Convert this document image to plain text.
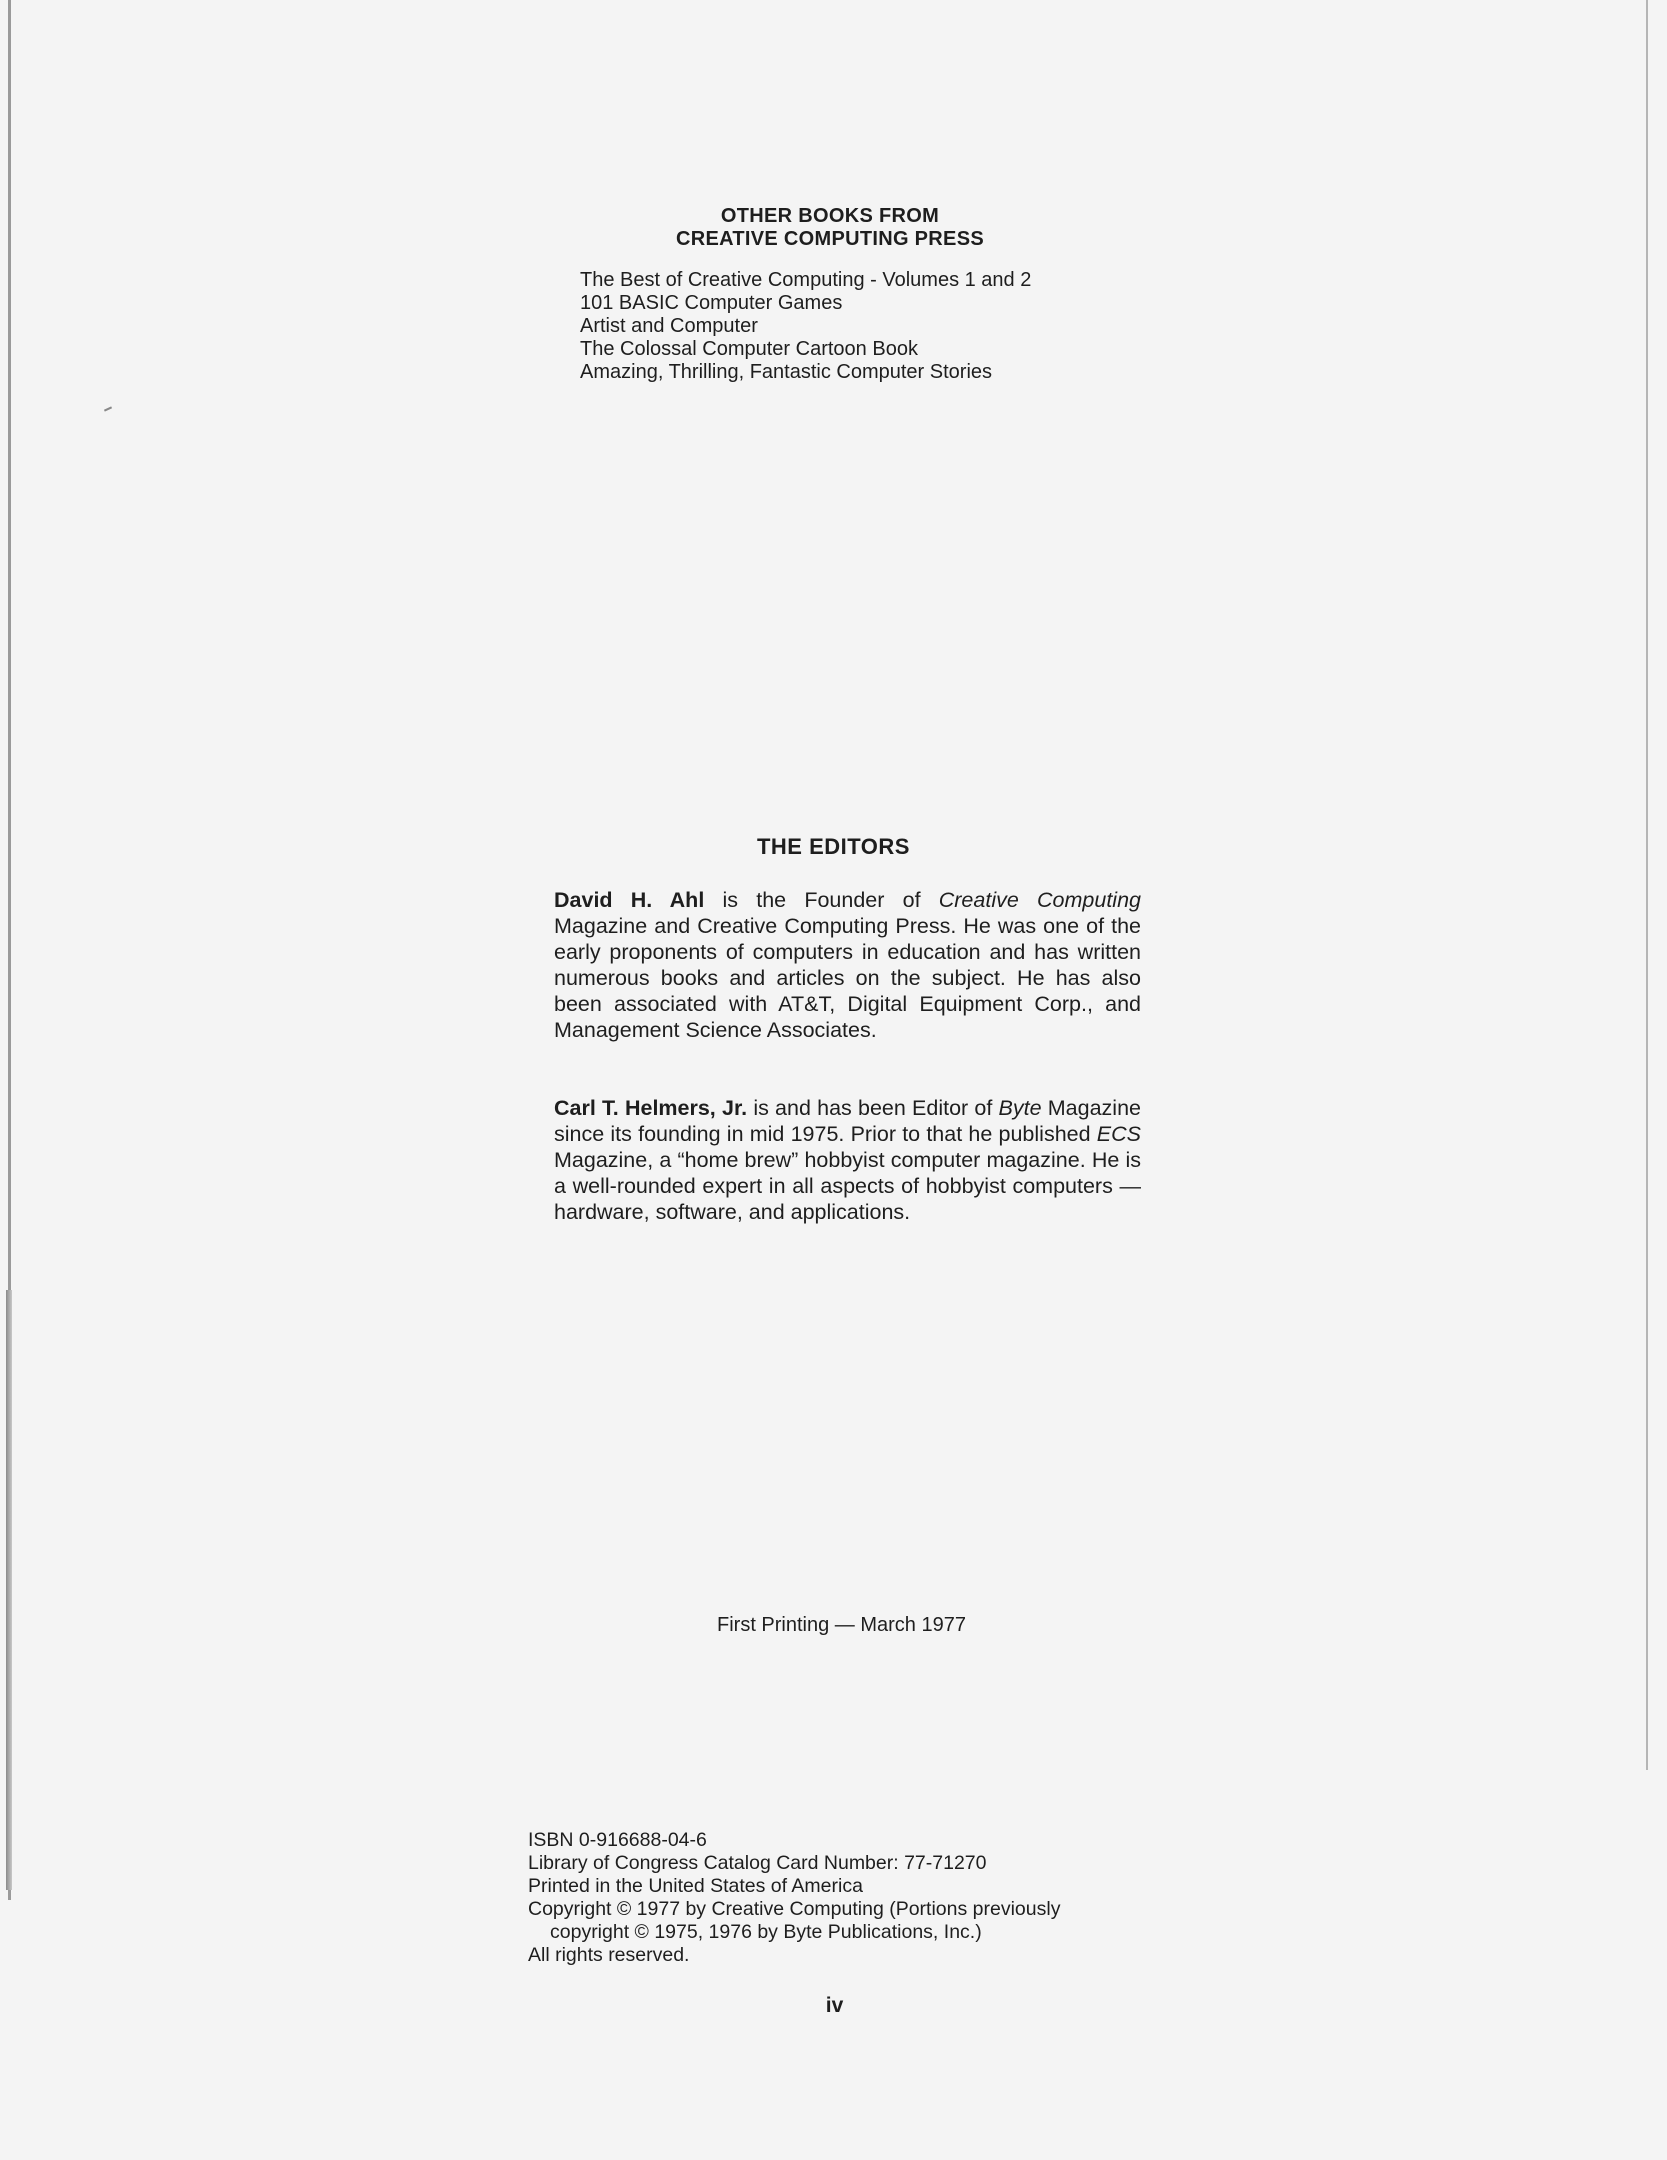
OTHER BOOKS FROM
CREATIVE COMPUTING PRESS
The Best of Creative Computing - Volumes 1 and 2
101 BASIC Computer Games
Artist and Computer
The Colossal Computer Cartoon Book
Amazing, Thrilling, Fantastic Computer Stories
THE EDITORS

David H. Ahl is the Founder of Creative Computing Magazine and Creative Computing Press. He was one of the early proponents of computers in education and has written numerous books and articles on the subject. He has also been associated with AT&T, Digital Equipment Corp., and Management Science Associates.

Carl T. Helmers, Jr. is and has been Editor of Byte Magazine since its founding in mid 1975. Prior to that he published ECS Magazine, a “home brew” hobbyist computer magazine. He is a well-rounded expert in all aspects of hobbyist computers — hardware, software, and applications.

First Printing — March 1977
ISBN 0-916688-04-6
Library of Congress Catalog Card Number: 77-71270
Printed in the United States of America
Copyright © 1977 by Creative Computing (Portions previously
copyright © 1975, 1976 by Byte Publications, Inc.)
All rights reserved.
iv
